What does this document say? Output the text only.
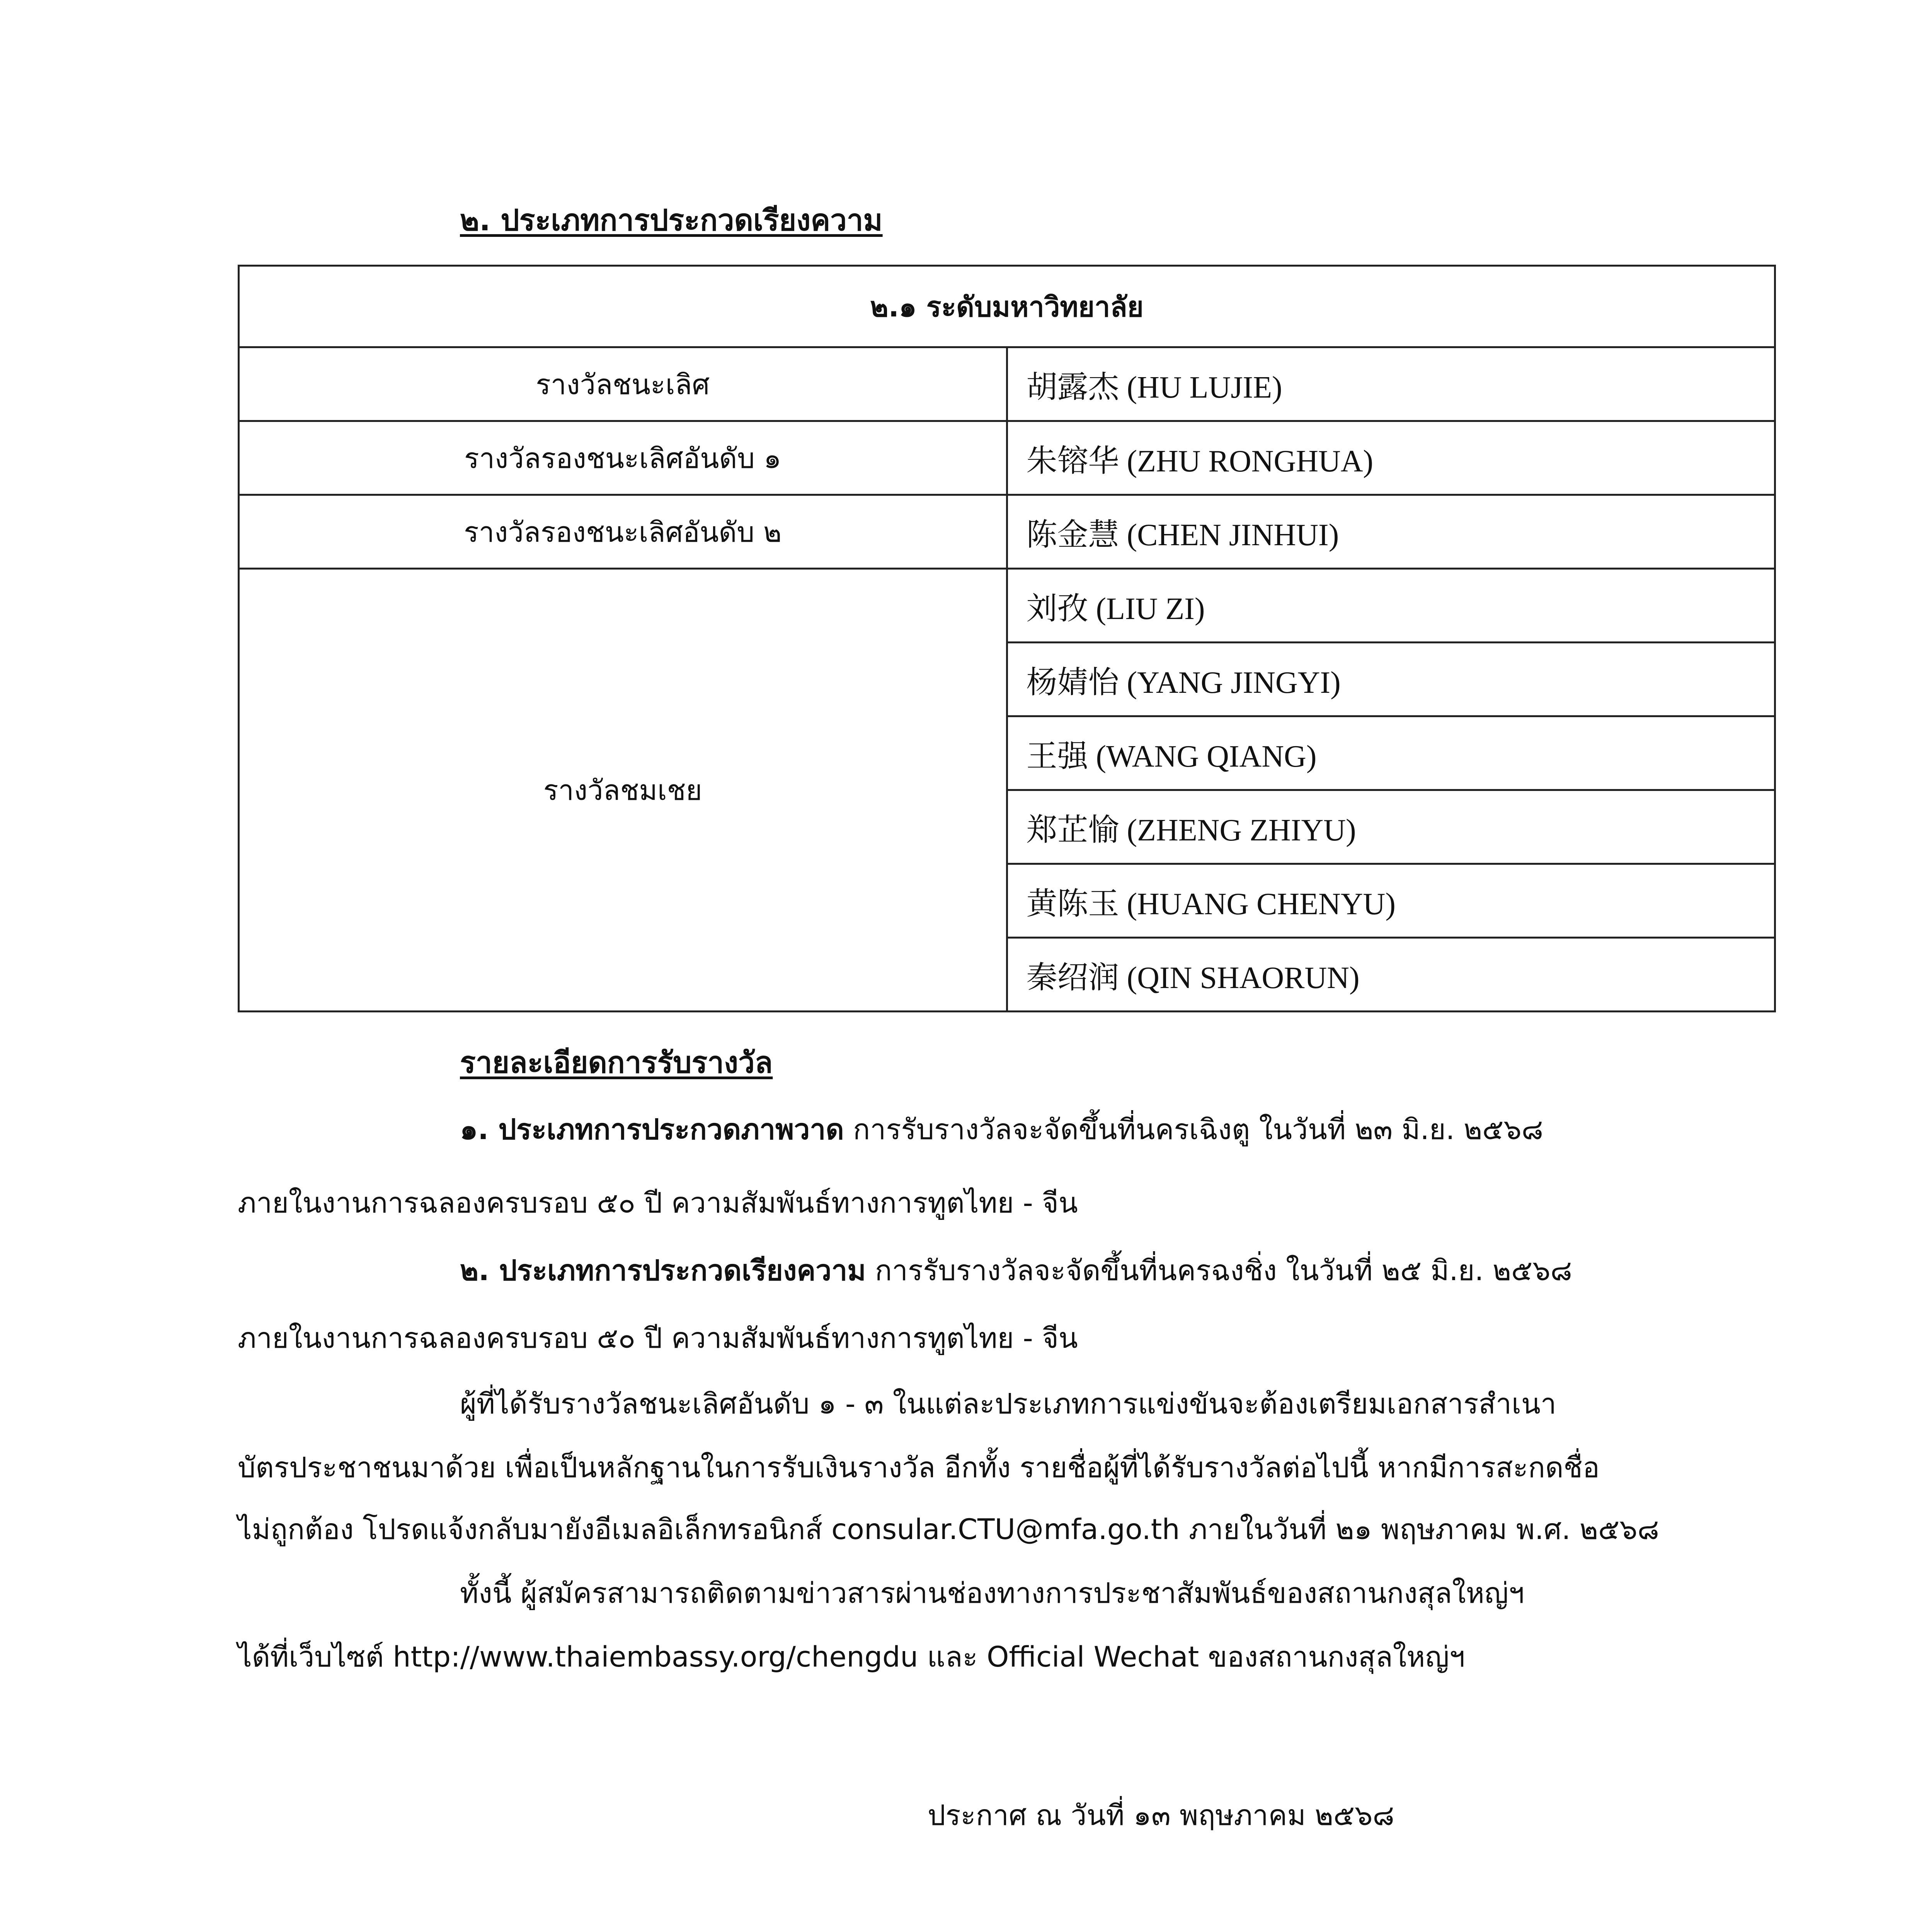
๒. ประเภทการประกวดเรียงความ
๒.๑ ระดับมหาวิทยาลัย	
รางวัลชนะเลิศ	胡露杰 (HU LUJIE)
รางวัลรองชนะเลิศอันดับ ๑	朱镕华 (ZHU RONGHUA)
รางวัลรองชนะเลิศอันดับ ๒	陈金慧 (CHEN JINHUI)
รางวัลชมเชย	刘孜 (LIU ZI)
	杨婧怡 (YANG JINGYI)
	王强 (WANG QIANG)
	郑芷愉 (ZHENG ZHIYU)
	黄陈玉 (HUANG CHENYU)
	秦绍润 (QIN SHAORUN)
รายละเอียดการรับรางวัล
๑. ประเภทการประกวดภาพวาด การรับรางวัลจะจัดขึ้นที่นครเฉิงตู ในวันที่ ๒๓ มิ.ย. ๒๕๖๘
ภายในงานการฉลองครบรอบ ๕๐ ปี ความสัมพันธ์ทางการทูตไทย - จีน
๒. ประเภทการประกวดเรียงความ การรับรางวัลจะจัดขึ้นที่นครฉงชิ่ง ในวันที่ ๒๕ มิ.ย. ๒๕๖๘
ภายในงานการฉลองครบรอบ ๕๐ ปี ความสัมพันธ์ทางการทูตไทย - จีน
ผู้ที่ได้รับรางวัลชนะเลิศอันดับ ๑ - ๓ ในแต่ละประเภทการแข่งขันจะต้องเตรียมเอกสารสำเนา
บัตรประชาชนมาด้วย เพื่อเป็นหลักฐานในการรับเงินรางวัล อีกทั้ง รายชื่อผู้ที่ได้รับรางวัลต่อไปนี้ หากมีการสะกดชื่อ
ไม่ถูกต้อง โปรดแจ้งกลับมายังอีเมลอิเล็กทรอนิกส์ consular.CTU@mfa.go.th ภายในวันที่ ๒๑ พฤษภาคม พ.ศ. ๒๕๖๘
ทั้งนี้ ผู้สมัครสามารถติดตามข่าวสารผ่านช่องทางการประชาสัมพันธ์ของสถานกงสุลใหญ่ฯ
ได้ที่เว็บไซต์ http://www.thaiembassy.org/chengdu และ Official Wechat ของสถานกงสุลใหญ่ฯ
ประกาศ ณ วันที่ ๑๓ พฤษภาคม ๒๕๖๘
